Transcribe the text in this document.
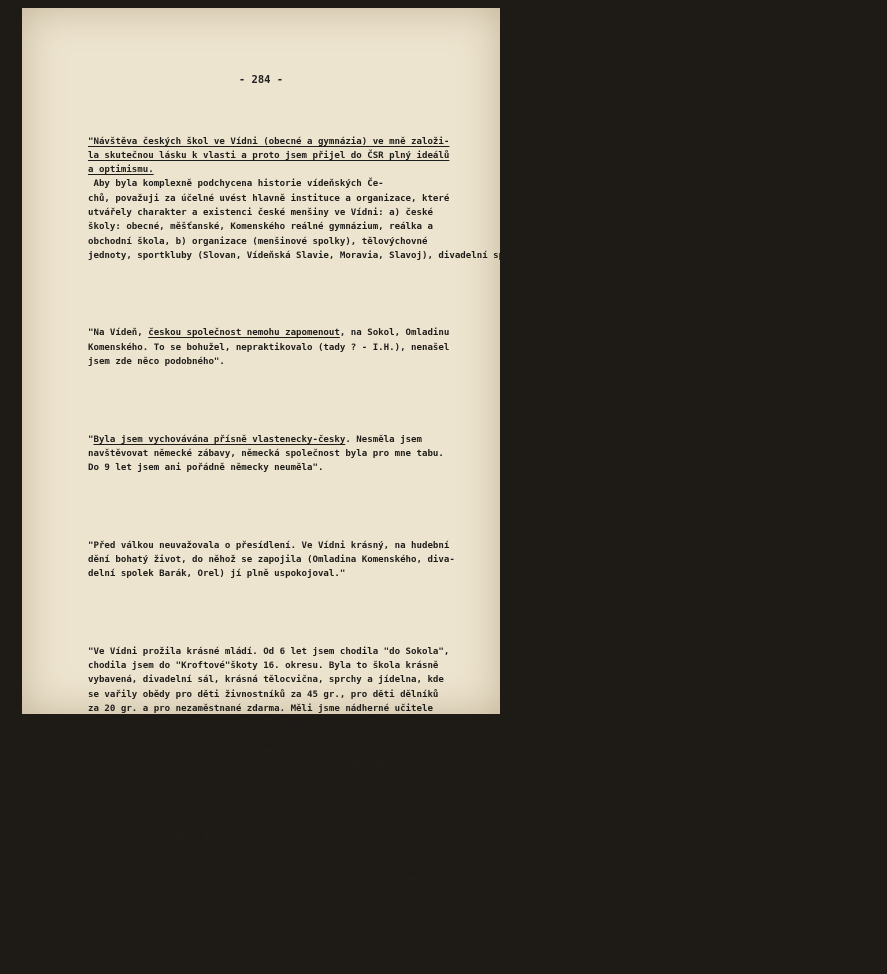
- 284 -

"Návštěva českých škol ve Vídni (obecné a gymnázia) ve mně založi-
la skutečnou lásku k vlasti a proto jsem přijel do ČSR plný ideálů
a optimismu.
Aby byla komplexně podchycena historie vídeňských Če-
chů, považuji za účelné uvést hlavně instituce a organizace, které
utvářely charakter a existenci české menšiny ve Vídni: a) české
školy: obecné, měšťanské, Komenského reálné gymnázium, reálka a
obchodní škola, b) organizace (menšinové spolky), tělovýchovné
jednoty, sportkluby (Slovan, Vídeňská Slavie, Moravia, Slavoj), divadelní spolky (Pokrok, Barák, Vlastenecká Omladina), České srdce, Národní dům."

"Na Vídeň, českou společnost nemohu zapomenout, na Sokol, Omladinu
Komenského. To se bohužel, nepraktikovalo (tady ? - I.H.), nenašel
jsem zde něco podobného".

"Byla jsem vychovávána přísně vlastenecky-česky. Nesměla jsem
navštěvovat německé zábavy, německá společnost byla pro mne tabu.
Do 9 let jsem ani pořádně německy neuměla".

"Před válkou neuvažovala o přesídlení. Ve Vídni krásný, na hudební
dění bohatý život, do něhož se zapojila (Omladina Komenského, diva-
delní spolek Barák, Orel) jí plně uspokojoval."

"Ve Vídni prožila krásné mládí. Od 6 let jsem chodila "do Sokola",
chodila jsem do "Kroftové"škoty 16. okresu. Byla to škola krásně
vybavená, divadelní sál, krásná tělocvična, sprchy a jídelna, kde
se vařily obědy pro děti živnostníků za 45 gr., pro děti dělníků
za 20 gr. a pro nezaměstnané zdarma. Měli jsme nádherné učitele
jako Eduarda Škorpila, to byl velký komunista, naučil nás "Píseň
práce",na to jsem přišla až později... Protože jsem dobře zpívala,
tak jsem začala chodit do pěveckého spolku "Hálek" na 15. okresu.
U "Kochmanna" to byla restaurace a velkým sálem divadelním, kde
jsme hrávali divadla. V r. 1937 s námi nacvičil náš sbormistr
Frant. Čermák (učitel klavíru ve Vídni) sbory "České píseň",
"Vzkříšení". Sbory byly založeny po celé Vídni jako Lumír, Hlahol,
Tovačovský, pak se to dalo dohromady a zpívali jsme 400 vídeňských
Čechů a 50 Slováků z Bratislavy, zpíval s námi Karel Kaleš jako
host se zpěvačkou Marií Maškovou, doprovázel nás 100 členný
orchestr Filharmonie. Zpívali jsme v koncertním domě ve Vídni a
pak v Bratislavě do rádia... Ale hodně divadel hlavních jsme hráli
v Národním domě, kde to byl náš hlavní stan."
